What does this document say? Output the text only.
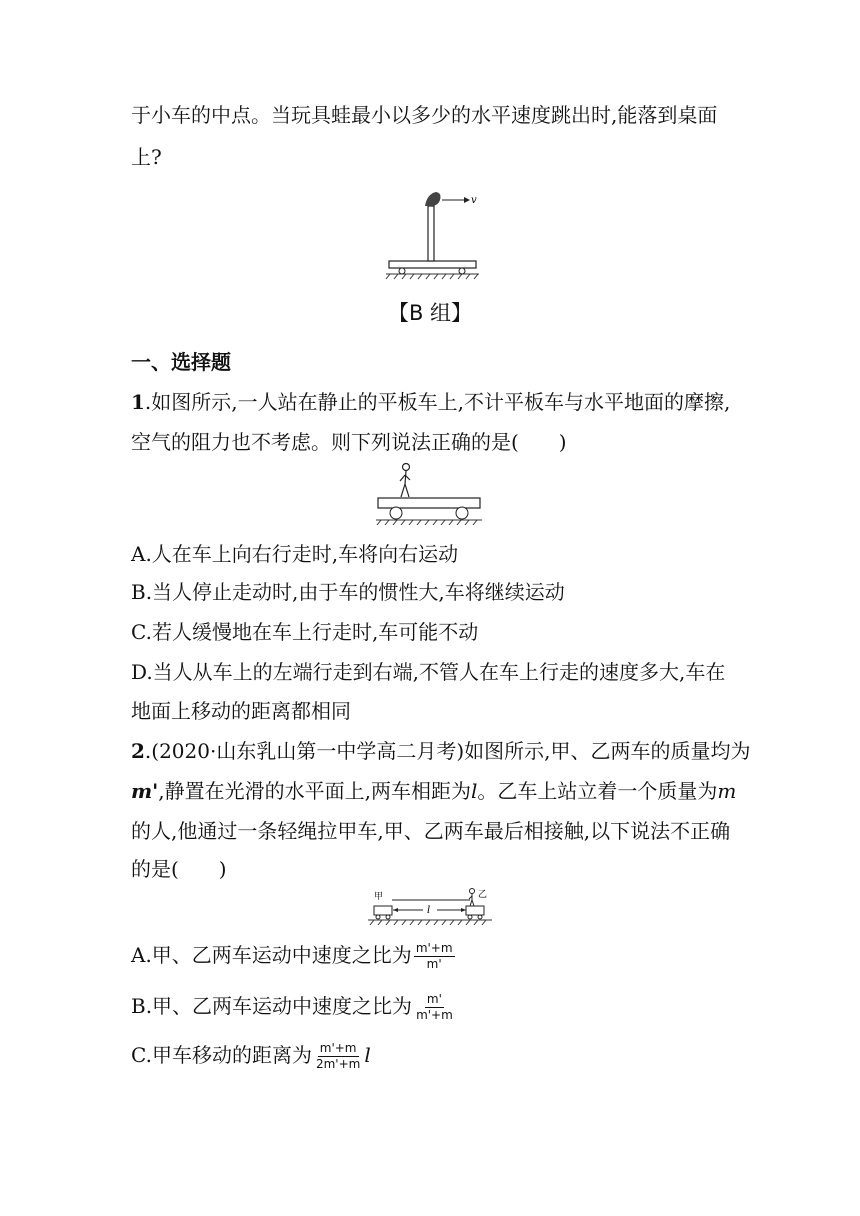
于小车的中点。当玩具蛙最小以多少的水平速度跳出时,能落到桌面
上?
v
【B 组】
一、选择题
1.如图所示,一人站在静止的平板车上,不计平板车与水平地面的摩擦,
空气的阻力也不考虑。则下列说法正确的是(　　)
A.人在车上向右行走时,车将向右运动
B.当人停止走动时,由于车的惯性大,车将继续运动
C.若人缓慢地在车上行走时,车可能不动
D.当人从车上的左端行走到右端,不管人在车上行走的速度多大,车在
地面上移动的距离都相同
2.(2020·山东乳山第一中学高二月考)如图所示,甲、乙两车的质量均为
m',静置在光滑的水平面上,两车相距为l。乙车上站立着一个质量为m
的人,他通过一条轻绳拉甲车,甲、乙两车最后相接触,以下说法不正确
的是(　　)
甲
l
乙
A.甲、乙两车运动中速度之比为 $\frac{m'+m}{m'}$
B.甲、乙两车运动中速度之比为 $\frac{m'}{m'+m}$
C.甲车移动的距离为 $\frac{m'+m}{2m'+m}$ l
